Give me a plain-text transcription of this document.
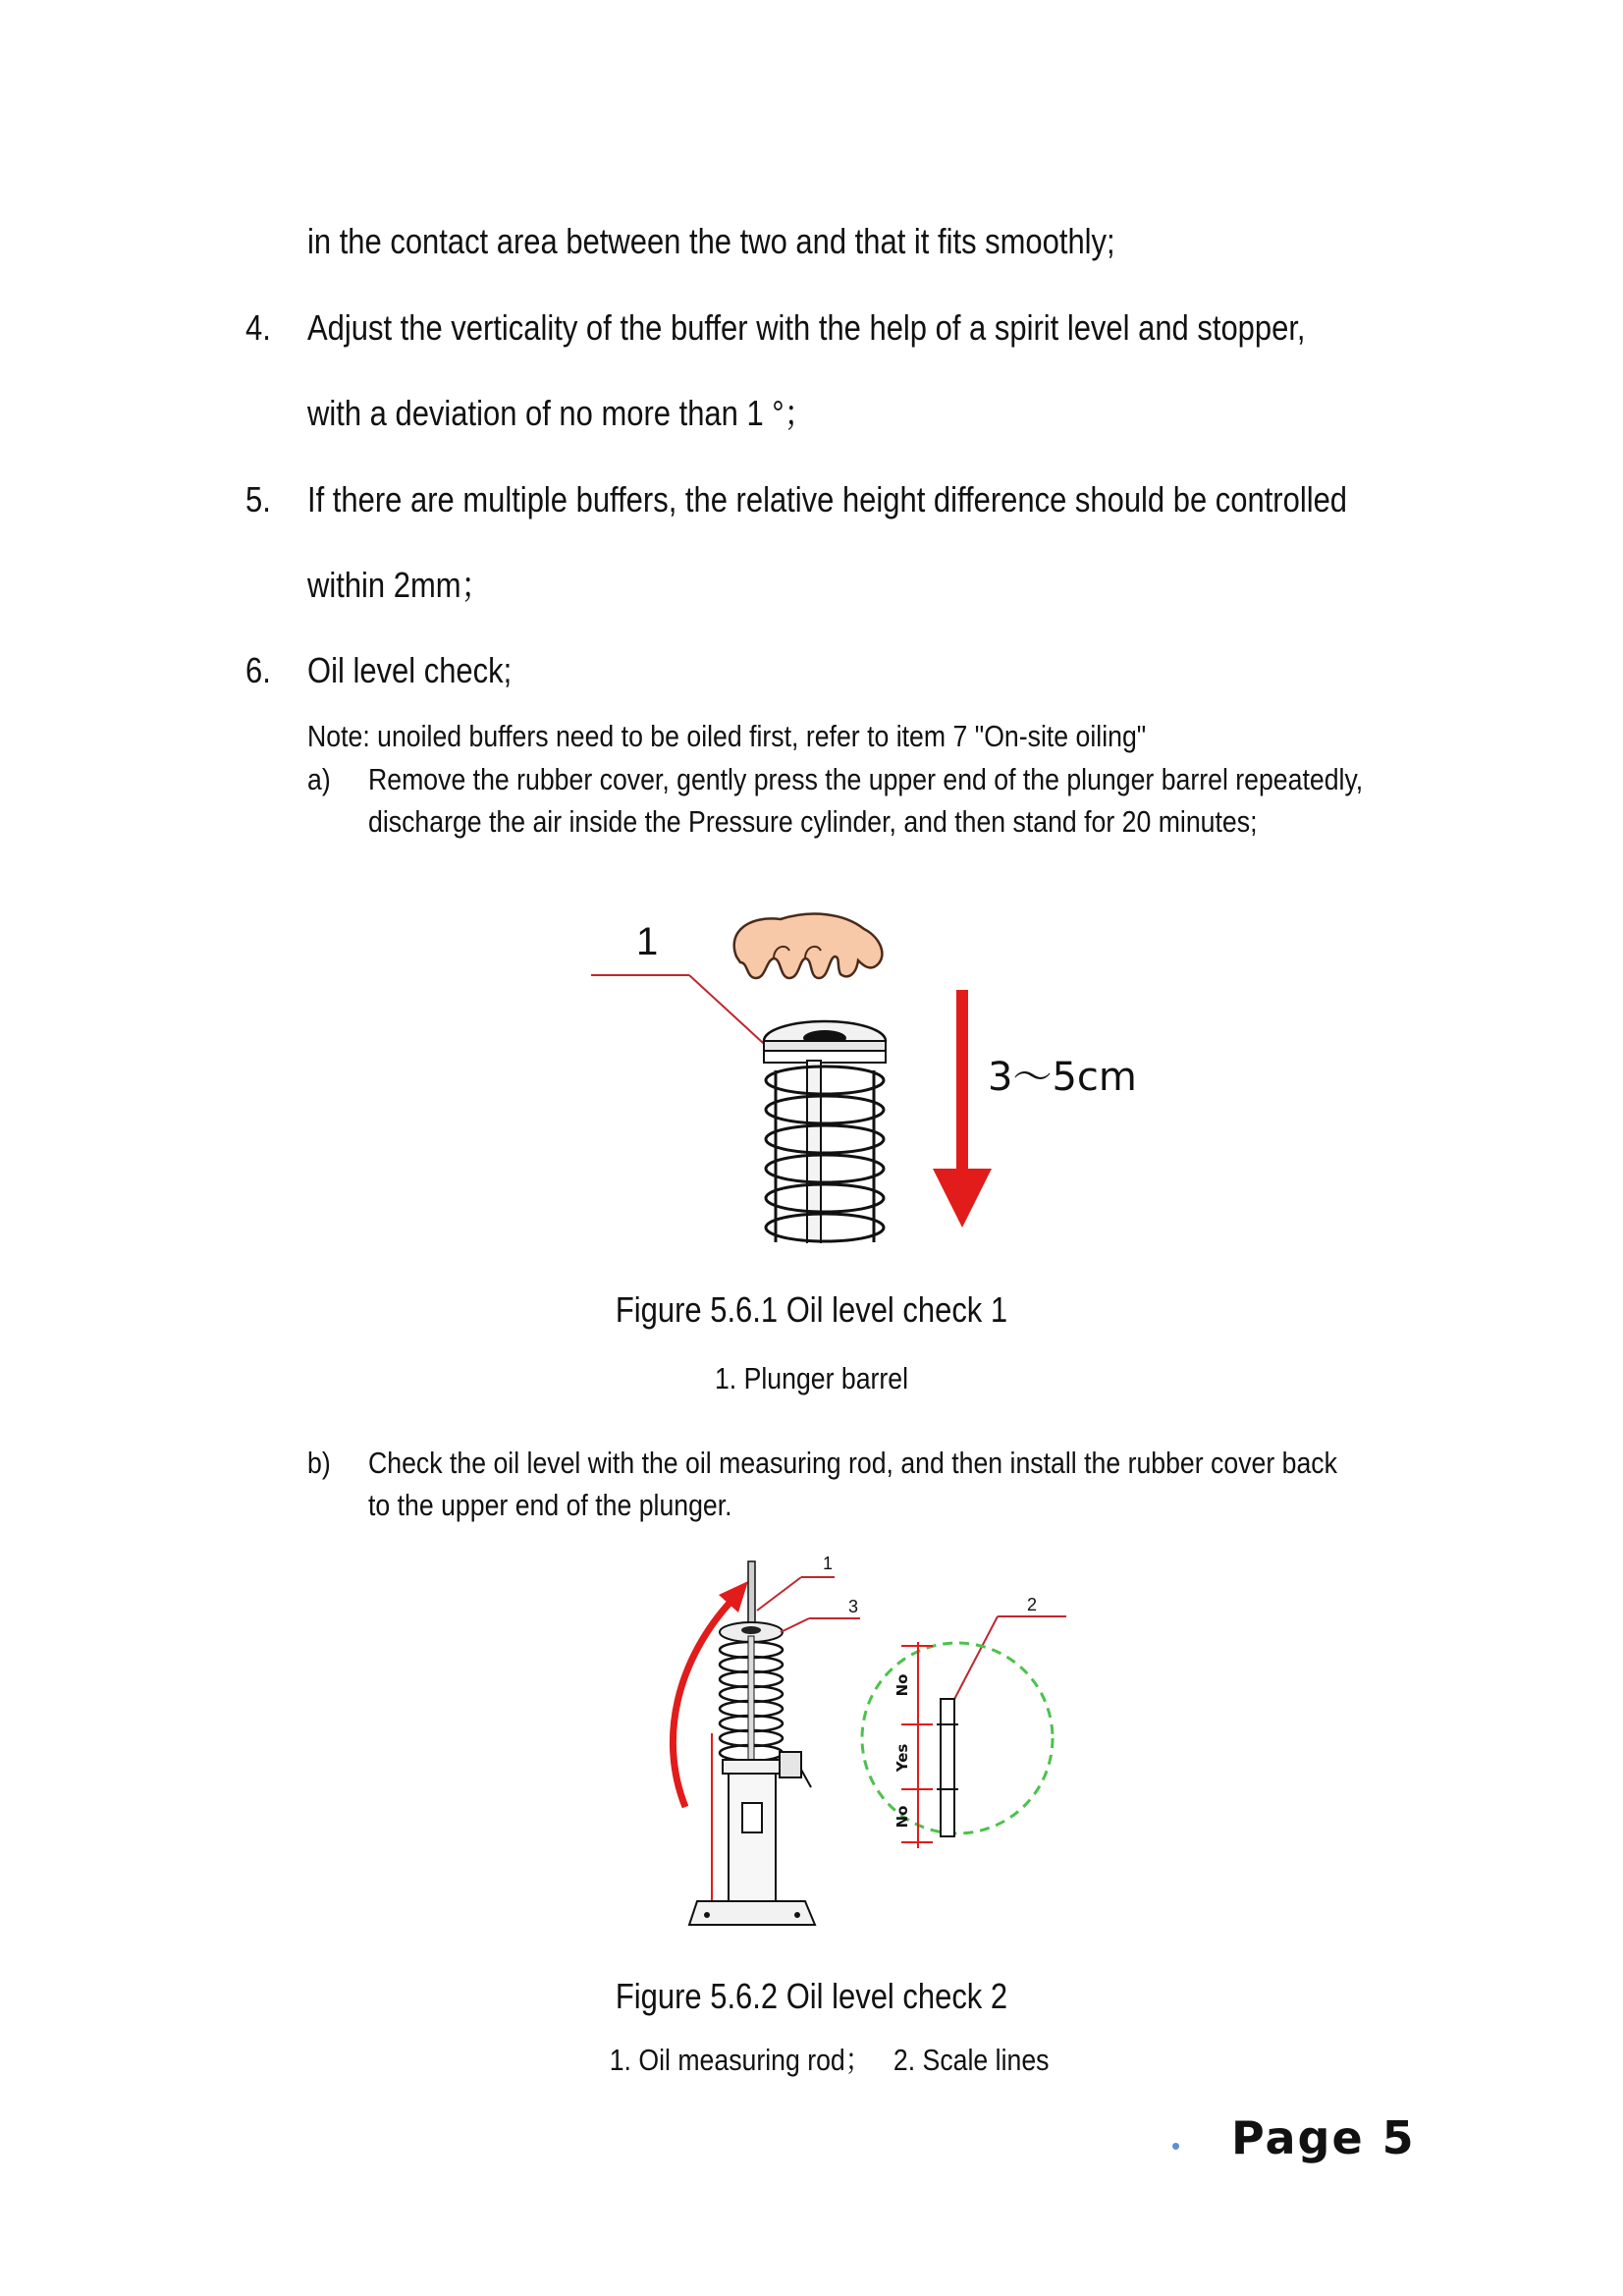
in the contact area between the two and that it fits smoothly;
4. Adjust the verticality of the buffer with the help of a spirit level and stopper,
with a deviation of no more than 1 °；
5. If there are multiple buffers, the relative height difference should be controlled
within 2mm；
6. Oil level check;
Note: unoiled buffers need to be oiled first, refer to item 7 "On-site oiling"
a) Remove the rubber cover, gently press the upper end of the plunger barrel repeatedly,
discharge the air inside the Pressure cylinder, and then stand for 20 minutes;
1
3～5cm
Figure 5.6.1 Oil level check 1
1. Plunger barrel
b) Check the oil level with the oil measuring rod, and then install the rubber cover back
to the upper end of the plunger.
1
3	2
No
Yes
No
Figure 5.6.2 Oil level check 2
1. Oil measuring rod； 2. Scale lines
• Page 5
